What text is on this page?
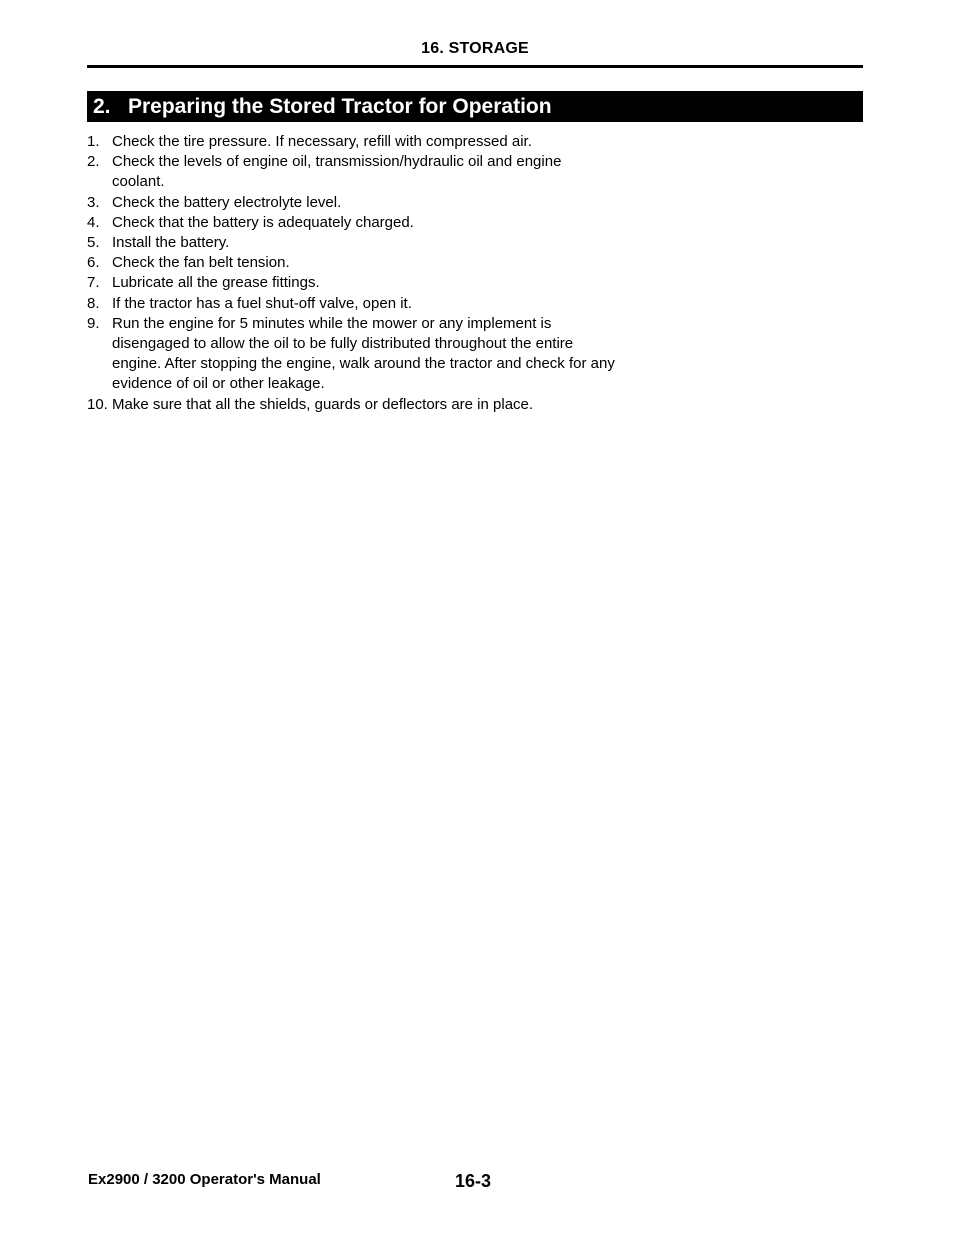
16. STORAGE
2. Preparing the Stored Tractor for Operation
1. Check the tire pressure. If necessary, refill with compressed air.
2. Check the levels of engine oil, transmission/hydraulic oil and engine coolant.
3. Check the battery electrolyte level.
4. Check that the battery is adequately charged.
5. Install the battery.
6. Check the fan belt tension.
7. Lubricate all the grease fittings.
8. If the tractor has a fuel shut-off valve, open it.
9. Run the engine for 5 minutes while the mower or any implement is disengaged to allow the oil to be fully distributed throughout the entire engine. After stopping the engine, walk around the tractor and check for any evidence of oil or other leakage.
10. Make sure that all the shields, guards or deflectors are in place.
Ex2900 / 3200 Operator's Manual	16-3
